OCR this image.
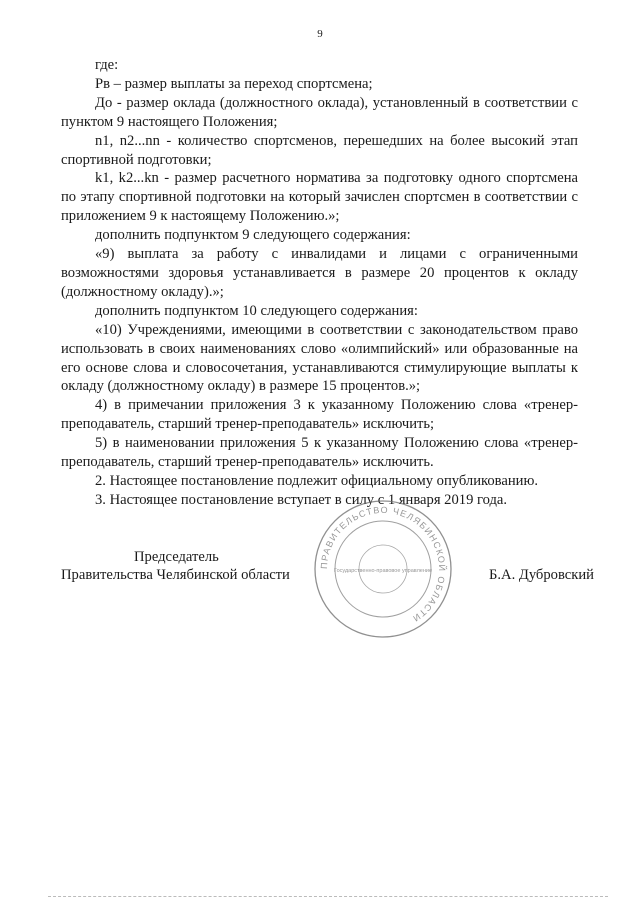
9

где:

Рв – размер выплаты за переход спортсмена;

До - размер оклада (должностного оклада), установленный в соответствии с пунктом 9 настоящего Положения;

n1, n2...nn - количество спортсменов, перешедших на более высокий этап спортивной подготовки;

k1, k2...kn - размер расчетного норматива за подготовку одного спортсмена по этапу спортивной подготовки на который зачислен спортсмен в соответствии с приложением 9 к настоящему Положению.»;

дополнить подпунктом 9 следующего содержания:

«9) выплата за работу с инвалидами и лицами с ограниченными возможностями здоровья устанавливается в размере 20 процентов к окладу (должностному окладу).»;

дополнить подпунктом 10 следующего содержания:

«10) Учреждениями, имеющими в соответствии с законодательством право использовать в своих наименованиях слово «олимпийский» или образованные на его основе слова и словосочетания, устанавливаются стимулирующие выплаты к окладу (должностному окладу) в размере 15 процентов.»;

4) в примечании приложения 3 к указанному Положению слова «тренер-преподаватель, старший тренер-преподаватель» исключить;

5) в наименовании приложения 5 к указанному Положению слова «тренер-преподаватель, старший тренер-преподаватель» исключить.

2. Настоящее постановление подлежит официальному опубликованию.

3. Настоящее постановление вступает в силу с 1 января 2019 года.

Председатель
Правительства Челябинской области	Б.А. Дубровский
ПРАВИТЕЛЬСТВО ЧЕЛЯБИНСКОЙ ОБЛАСТИ
Государственно-правовое управление
